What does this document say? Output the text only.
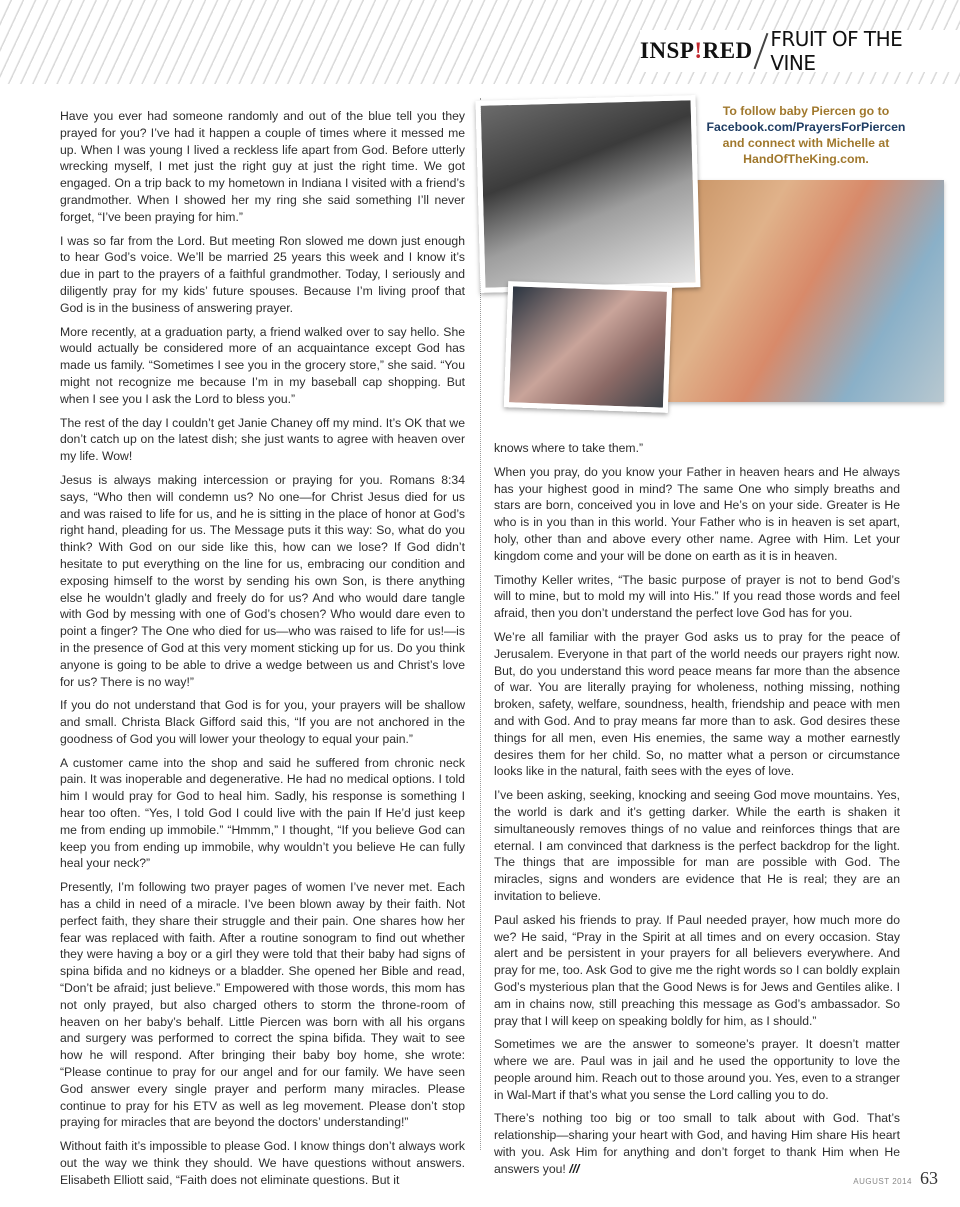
INSP!RED FRUIT OF THE VINE

Have you ever had someone randomly and out of the blue tell you they prayed for you? I’ve had it happen a couple of times where it messed me up. When I was young I lived a reckless life apart from God. Before utterly wrecking myself, I met just the right guy at just the right time. We got engaged. On a trip back to my hometown in Indiana I visited with a friend’s grandmother. When I showed her my ring she said something I’ll never forget, “I’ve been praying for him.”

I was so far from the Lord. But meeting Ron slowed me down just enough to hear God’s voice. We’ll be married 25 years this week and I know it’s due in part to the prayers of a faithful grandmother. Today, I seriously and diligently pray for my kids’ future spouses. Because I’m living proof that God is in the business of answering prayer.

More recently, at a graduation party, a friend walked over to say hello. She would actually be considered more of an acquaintance except God has made us family. “Sometimes I see you in the grocery store,” she said. “You might not recognize me because I’m in my baseball cap shopping. But when I see you I ask the Lord to bless you.”

The rest of the day I couldn’t get Janie Chaney off my mind. It’s OK that we don’t catch up on the latest dish; she just wants to agree with heaven over my life. Wow!

Jesus is always making intercession or praying for you. Romans 8:34 says, “Who then will condemn us? No one—for Christ Jesus died for us and was raised to life for us, and he is sitting in the place of honor at God’s right hand, pleading for us. The Message puts it this way: So, what do you think? With God on our side like this, how can we lose? If God didn’t hesitate to put everything on the line for us, embracing our condition and exposing himself to the worst by sending his own Son, is there anything else he wouldn’t gladly and freely do for us? And who would dare tangle with God by messing with one of God’s chosen? Who would dare even to point a finger? The One who died for us—who was raised to life for us!—is in the presence of God at this very moment sticking up for us. Do you think anyone is going to be able to drive a wedge between us and Christ’s love for us? There is no way!”

If you do not understand that God is for you, your prayers will be shallow and small. Christa Black Gifford said this, “If you are not anchored in the goodness of God you will lower your theology to equal your pain.”

A customer came into the shop and said he suffered from chronic neck pain. It was inoperable and degenerative. He had no medical options. I told him I would pray for God to heal him. Sadly, his response is something I hear too often. “Yes, I told God I could live with the pain If He’d just keep me from ending up immobile.” “Hmmm,” I thought, “If you believe God can keep you from ending up immobile, why wouldn’t you believe He can fully heal your neck?”

Presently, I’m following two prayer pages of women I’ve never met. Each has a child in need of a miracle. I’ve been blown away by their faith. Not perfect faith, they share their struggle and their pain. One shares how her fear was replaced with faith. After a routine sonogram to find out whether they were having a boy or a girl they were told that their baby had signs of spina bifida and no kidneys or a bladder. She opened her Bible and read, “Don’t be afraid; just believe.” Empowered with those words, this mom has not only prayed, but also charged others to storm the throne-room of heaven on her baby’s behalf. Little Piercen was born with all his organs and surgery was performed to correct the spina bifida. They wait to see how he will respond. After bringing their baby boy home, she wrote: “Please continue to pray for our angel and for our family. We have seen God answer every single prayer and perform many miracles. Please continue to pray for his ETV as well as leg movement. Please don’t stop praying for miracles that are beyond the doctors’ understanding!”

Without faith it’s impossible to please God. I know things don’t always work out the way we think they should. We have questions without answers. Elisabeth Elliott said, “Faith does not eliminate questions. But it

To follow baby Piercen go to
Facebook.com/PrayersForPiercen
and connect with Michelle at
HandOfTheKing.com.

knows where to take them.”

When you pray, do you know your Father in heaven hears and He always has your highest good in mind? The same One who simply breaths and stars are born, conceived you in love and He’s on your side. Greater is He who is in you than in this world. Your Father who is in heaven is set apart, holy, other than and above every other name. Agree with Him. Let your kingdom come and your will be done on earth as it is in heaven.

Timothy Keller writes, “The basic purpose of prayer is not to bend God’s will to mine, but to mold my will into His.” If you read those words and feel afraid, then you don’t understand the perfect love God has for you.

We’re all familiar with the prayer God asks us to pray for the peace of Jerusalem. Everyone in that part of the world needs our prayers right now. But, do you understand this word peace means far more than the absence of war. You are literally praying for wholeness, nothing missing, nothing broken, safety, welfare, soundness, health, friendship and peace with men and with God. And to pray means far more than to ask. God desires these things for all men, even His enemies, the same way a mother earnestly desires them for her child. So, no matter what a person or circumstance looks like in the natural, faith sees with the eyes of love.

I’ve been asking, seeking, knocking and seeing God move mountains. Yes, the world is dark and it’s getting darker. While the earth is shaken it simultaneously removes things of no value and reinforces things that are eternal. I am convinced that darkness is the perfect backdrop for the light. The things that are impossible for man are possible with God. The miracles, signs and wonders are evidence that He is real; they are an invitation to believe.

Paul asked his friends to pray. If Paul needed prayer, how much more do we? He said, “Pray in the Spirit at all times and on every occasion. Stay alert and be persistent in your prayers for all believers everywhere. And pray for me, too. Ask God to give me the right words so I can boldly explain God’s mysterious plan that the Good News is for Jews and Gentiles alike. I am in chains now, still preaching this message as God’s ambassador. So pray that I will keep on speaking boldly for him, as I should.”

Sometimes we are the answer to someone’s prayer. It doesn’t matter where we are. Paul was in jail and he used the opportunity to love the people around him. Reach out to those around you. Yes, even to a stranger in Wal-Mart if that’s what you sense the Lord calling you to do.

There’s nothing too big or too small to talk about with God. That’s relationship—sharing your heart with God, and having Him share His heart with you. Ask Him for anything and don’t forget to thank Him when He answers you! ///

AUGUST 2014 63
